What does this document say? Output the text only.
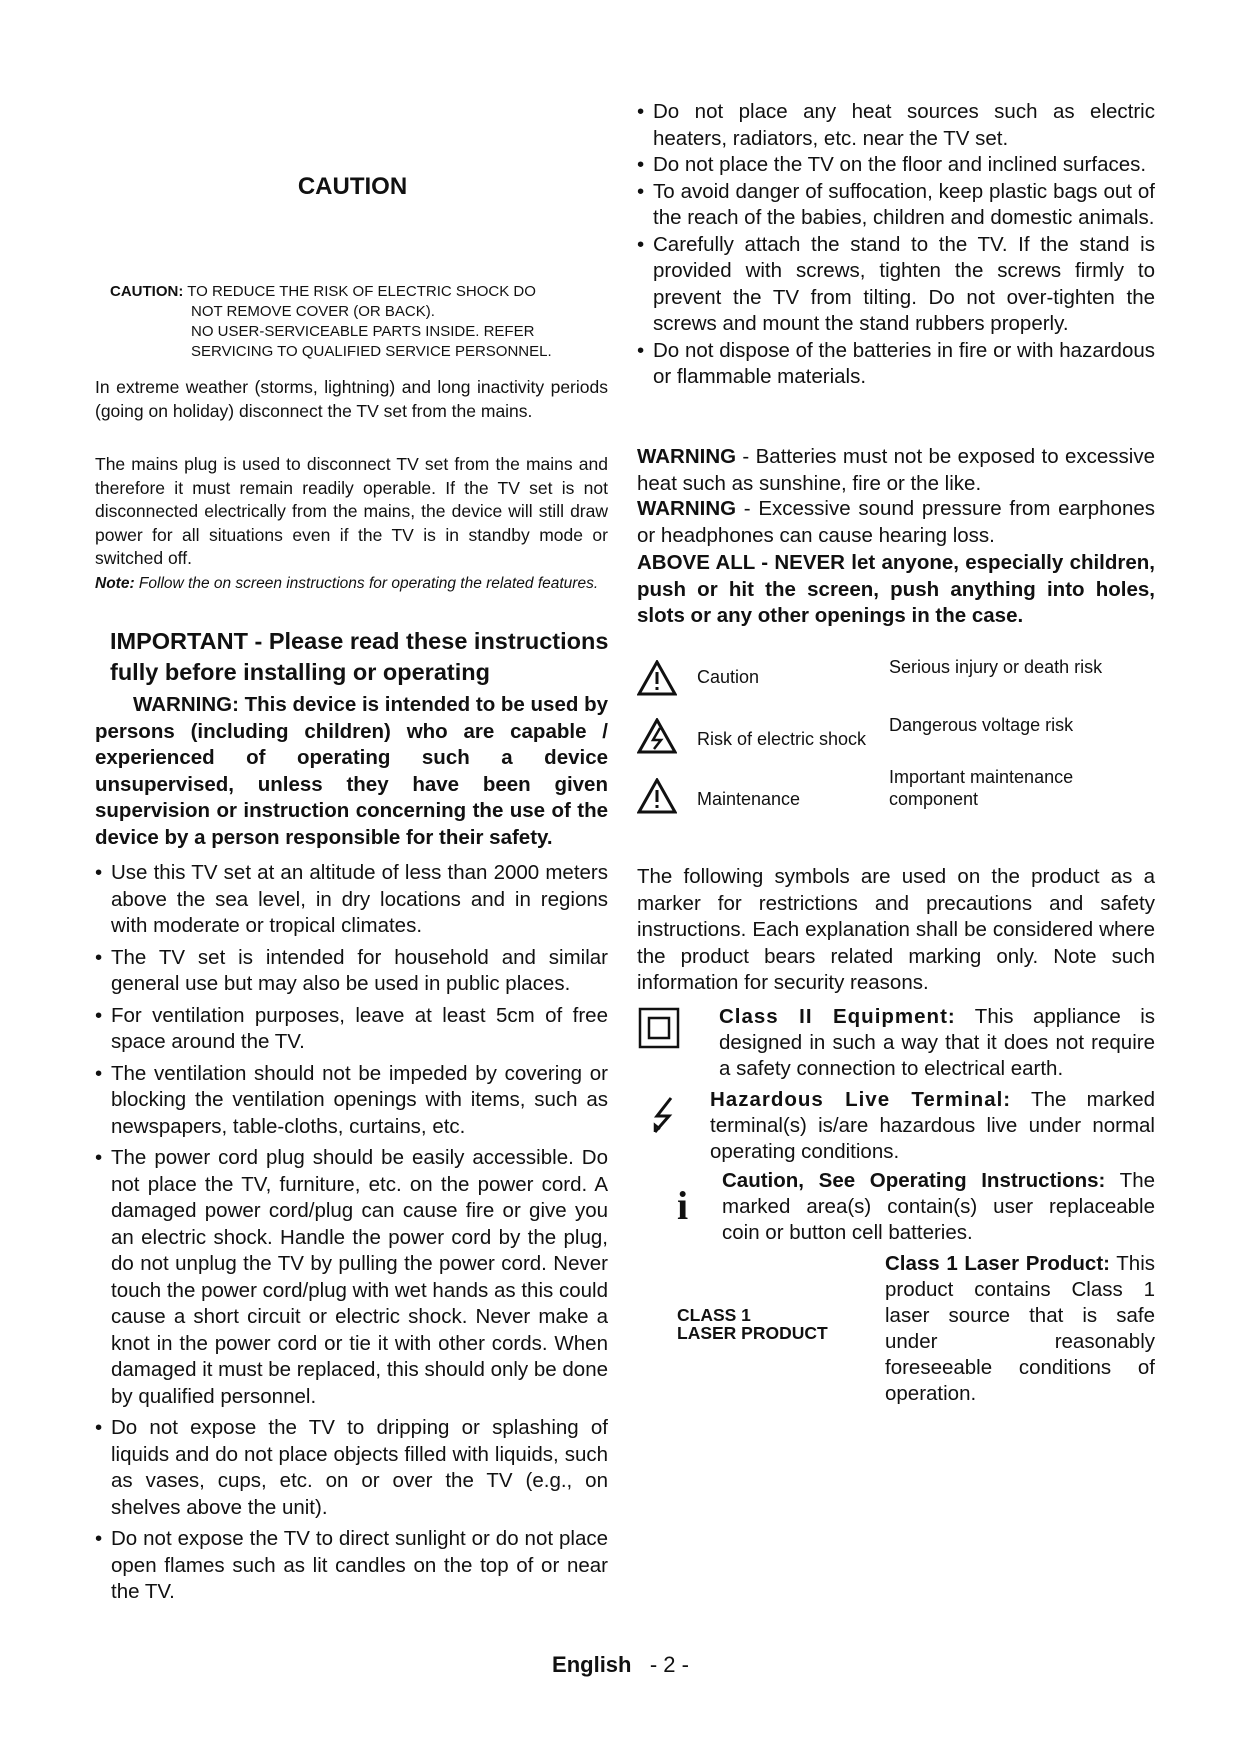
CAUTION
CAUTION: TO REDUCE THE RISK OF ELECTRIC SHOCK DO
NOT REMOVE COVER (OR BACK).
NO USER-SERVICEABLE PARTS INSIDE. REFER
SERVICING TO QUALIFIED SERVICE PERSONNEL.

In extreme weather (storms, lightning) and long inactivity periods (going on holiday) disconnect the TV set from the mains.

The mains plug is used to disconnect TV set from the mains and therefore it must remain readily operable. If the TV set is not disconnected electrically from the mains, the device will still draw power for all situations even if the TV is in standby mode or switched off.

Note: Follow the on screen instructions for operating the related features.

IMPORTANT - Please read these instructions fully before installing or operating

WARNING: This device is intended to be used by persons (including children) who are capable / experienced of operating such a device unsupervised, unless they have been given supervision or instruction concerning the use of the device by a person responsible for their safety.

• Use this TV set at an altitude of less than 2000 meters above the sea level, in dry locations and in regions with moderate or tropical climates.

• The TV set is intended for household and similar general use but may also be used in public places.

• For ventilation purposes, leave at least 5cm of free space around the TV.

• The ventilation should not be impeded by covering or blocking the ventilation openings with items, such as newspapers, table-cloths, curtains, etc.

• The power cord plug should be easily accessible. Do not place the TV, furniture, etc. on the power cord. A damaged power cord/plug can cause fire or give you an electric shock. Handle the power cord by the plug, do not unplug the TV by pulling the power cord. Never touch the power cord/plug with wet hands as this could cause a short circuit or electric shock. Never make a knot in the power cord or tie it with other cords. When damaged it must be replaced, this should only be done by qualified personnel.

• Do not expose the TV to dripping or splashing of liquids and do not place objects filled with liquids, such as vases, cups, etc. on or over the TV (e.g., on shelves above the unit).

• Do not expose the TV to direct sunlight or do not place open flames such as lit candles on the top of or near the TV.

• Do not place any heat sources such as electric heaters, radiators, etc. near the TV set.

• Do not place the TV on the floor and inclined surfaces.

• To avoid danger of suffocation, keep plastic bags out of the reach of the babies, children and domestic animals.

• Carefully attach the stand to the TV. If the stand is provided with screws, tighten the screws firmly to prevent the TV from tilting. Do not over-tighten the screws and mount the stand rubbers properly.

• Do not dispose of the batteries in fire or with hazardous or flammable materials.

WARNING - Batteries must not be exposed to excessive heat such as sunshine, fire or the like.

WARNING - Excessive sound pressure from earphones or headphones can cause hearing loss.

ABOVE ALL - NEVER let anyone, especially children, push or hit the screen, push anything into holes, slots or any other openings in the case.

Caution	Serious injury or death risk
Risk of electric shock
Dangerous voltage risk
Maintenance
Important maintenance component

The following symbols are used on the product as a marker for restrictions and precautions and safety instructions. Each explanation shall be considered where the product bears related marking only. Note such information for security reasons.

Class II Equipment: This appliance is designed in such a way that it does not require a safety connection to electrical earth.

Hazardous Live Terminal: The marked terminal(s) is/are hazardous live under normal operating conditions.

i

Caution, See Operating Instructions: The marked area(s) contain(s) user replaceable coin or button cell batteries.

CLASS 1
LASER PRODUCT

Class 1 Laser Product: This product contains Class 1 laser source that is safe under reasonably foreseeable conditions of operation.

English - 2 -
